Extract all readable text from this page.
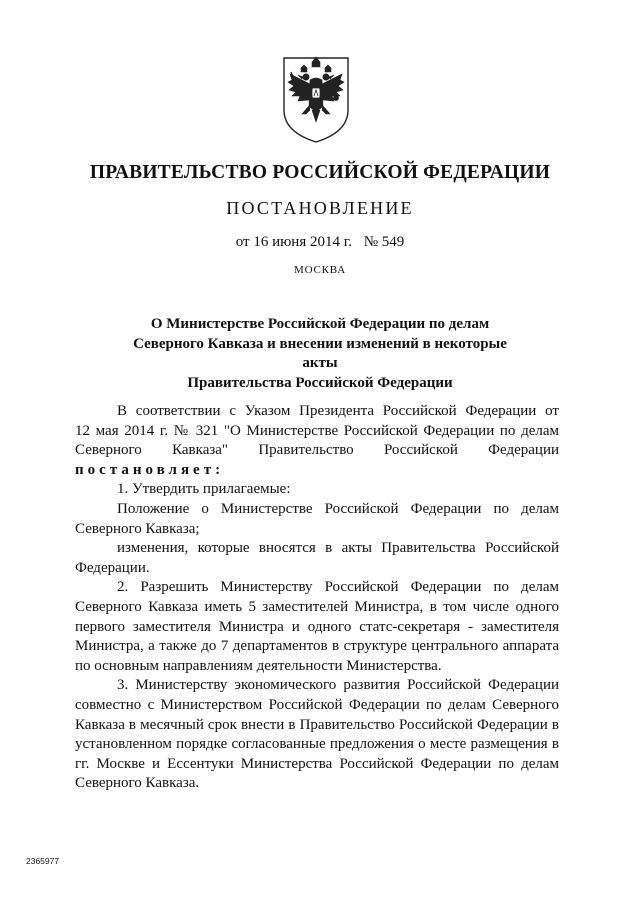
ПРАВИТЕЛЬСТВО РОССИЙСКОЙ ФЕДЕРАЦИИ
ПОСТАНОВЛЕНИЕ
от 16 июня 2014 г. № 549
МОСКВА
О Министерстве Российской Федерации по делам
Северного Кавказа и внесении изменений в некоторые акты
Правительства Российской Федерации

В соответствии с Указом Президента Российской Федерации от
12 мая 2014 г. № 321 "О Министерстве Российской Федерации по делам
Северного Кавказа" Правительство Российской Федерации

постановляет:

1. Утвердить прилагаемые:

Положение о Министерстве Российской Федерации по делам
Северного Кавказа;

изменения, которые вносятся в акты Правительства Российской
Федерации.

2. Разрешить Министерству Российской Федерации по делам
Северного Кавказа иметь 5 заместителей Министра, в том числе одного
первого заместителя Министра и одного статс-секретаря - заместителя
Министра, а также до 7 департаментов в структуре центрального аппарата
по основным направлениям деятельности Министерства.

3. Министерству экономического развития Российской Федерации
совместно с Министерством Российской Федерации по делам Северного
Кавказа в месячный срок внести в Правительство Российской Федерации в
установленном порядке согласованные предложения о месте размещения в
гг. Москве и Ессентуки Министерства Российской Федерации по делам
Северного Кавказа.

2365977
